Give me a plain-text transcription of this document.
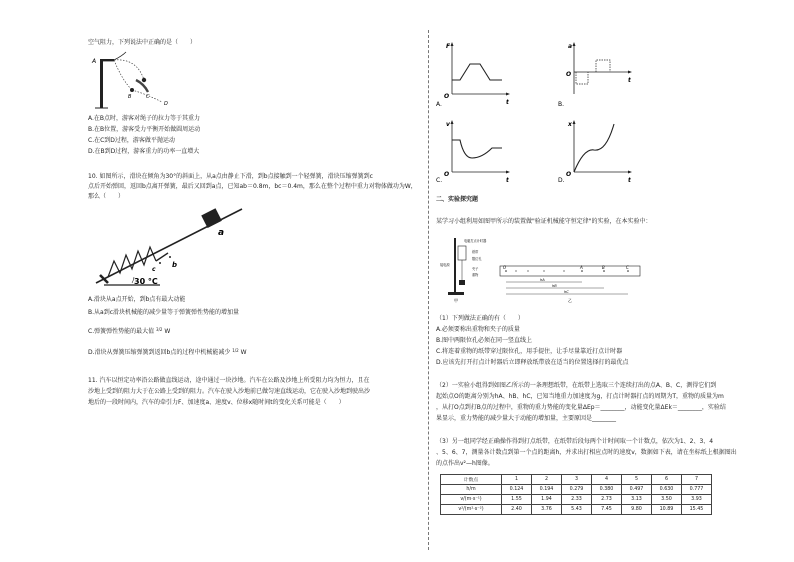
空气阻力，下列说法中正确的是（　　）
A
B	C
D
A.在B点时，游客对绳子的拉力等于其重力
B.在B位置，游客受力平衡开始做圆周运动
C.在C到D过程，游客做平抛运动
D.在B到D过程，游客重力的功率一直增大
10. 如图所示，滑块在倾角为30°的斜面上，从a点由静止下滑，到b点接触到一个轻弹簧，滑块压缩弹簧到c
点后开始弹回，返回b点离开弹簧，最后又回到a点，已知ab＝0.8m，bc＝0.4m，那么在整个过程中重力对物体做功为W，
那么（　　）
a
b
c
30 °C
A.滑块从a点开始，到b点有最大动能
B.从a到c滑块机械能的减少量等于弹簧弹性势能的增加量
C.弹簧弹性势能的最大值 $^{3/2}$ W
D.滑块从弹簧压缩弹簧到返回b点的过程中机械能减少 $^{1/2}$ W
11. 汽车以恒定功率沿公路做直线运动，途中通过一块沙地。汽车在公路及沙地上所受阻力均为恒力，且在
沙地上受到的阻力大于在公路上受到的阻力。汽车在驶入沙地前已做匀速直线运动，它在驶入沙地到驶出沙
地后的一段时间内，汽车的牵引力F、加速度a、速度v、位移x随时间t的变化关系可能是（　　）
F
t
O
A.
a
t
O
B.
v
t
O
C.
x
t
O
D.
二、实验探究题
某学习小组利用如图甲所示的装置做"验证机械能守恒定律"的实验，在本实验中：
电磁打点计时器
纸带
夹子
重物
接电源
限位孔
甲
O	A	B	C
hA
hB
hC
乙
（1）下列做法正确的有（　　）
A.必须要称出重物和夹子的质量
B.图中两限位孔必须在同一竖直线上
C.将连着重物的纸带穿过限位孔，用手提住，让手尽量靠近打点计时器
D.应该先打开打点计时器后立即释放纸带放在适当的位置选择打的最优点
（2）一实验小组得到如图乙所示的一条理想纸带，在纸带上选取三个连续打出的点A、B、C，测得它们到
起始点O的距离分别为hA、hB、hC，已知当地重力加速度为g，打点计时器打点的周期为T，重物的质量为m
，从打O点到打B点的过程中，重物的重力势能的变化量ΔEp＝________，动能变化量ΔEk＝________，实验结
果显示，重力势能的减少量大于动能的增加量，主要原因是________
（3）另一组同学经正确操作得到打点纸带，在纸带后段每两个计时间取一个计数点，依次为1、2、3、4
、5、6、7，测量各计数点到第一个点的距离h，并求出打相应点时的速度v，数据如下表，请在坐标纸上根据图出
的点作出v²—h图像。
计数点	1	2	3	4	5	6	7
h/m	0.124	0.194	0.279	0.380	0.497	0.630	0.777
v/(m·s⁻¹)	1.55	1.94	2.33	2.73	3.13	3.50	3.93
v²/(m²·s⁻²)	2.40	3.76	5.43	7.45	9.80	10.89	15.45
